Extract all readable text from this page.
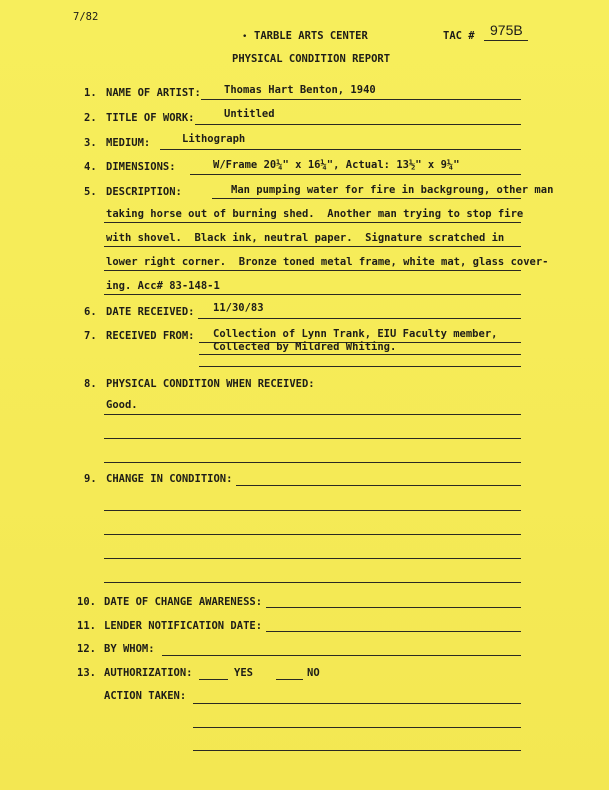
7/82
• TARBLE ARTS CENTER	TAC # 975B
PHYSICAL CONDITION REPORT
1. NAME OF ARTIST: Thomas Hart Benton, 1940
2. TITLE OF WORK:	Untitled
3. MEDIUM:	Lithograph
4. DIMENSIONS:	W/Frame 20¼" x 16¼", Actual: 13½" x 9¼"
5. DESCRIPTION:	Man pumping water for fire in backgroung, other man
taking horse out of burning shed.  Another man trying to stop fire
with shovel.  Black ink, neutral paper.  Signature scratched in
lower right corner.  Bronze toned metal frame, white mat, glass cover-
ing. Acc# 83-148-1
6. DATE RECEIVED: 11/30/83
7. RECEIVED FROM: Collection of Lynn Trank, EIU Faculty member,
Collected by Mildred Whiting.
8. PHYSICAL CONDITION WHEN RECEIVED:
Good.
9. CHANGE IN CONDITION:
10. DATE OF CHANGE AWARENESS:
11. LENDER NOTIFICATION DATE:
12. BY WHOM:
13. AUTHORIZATION:	YES	NO
ACTION TAKEN:
